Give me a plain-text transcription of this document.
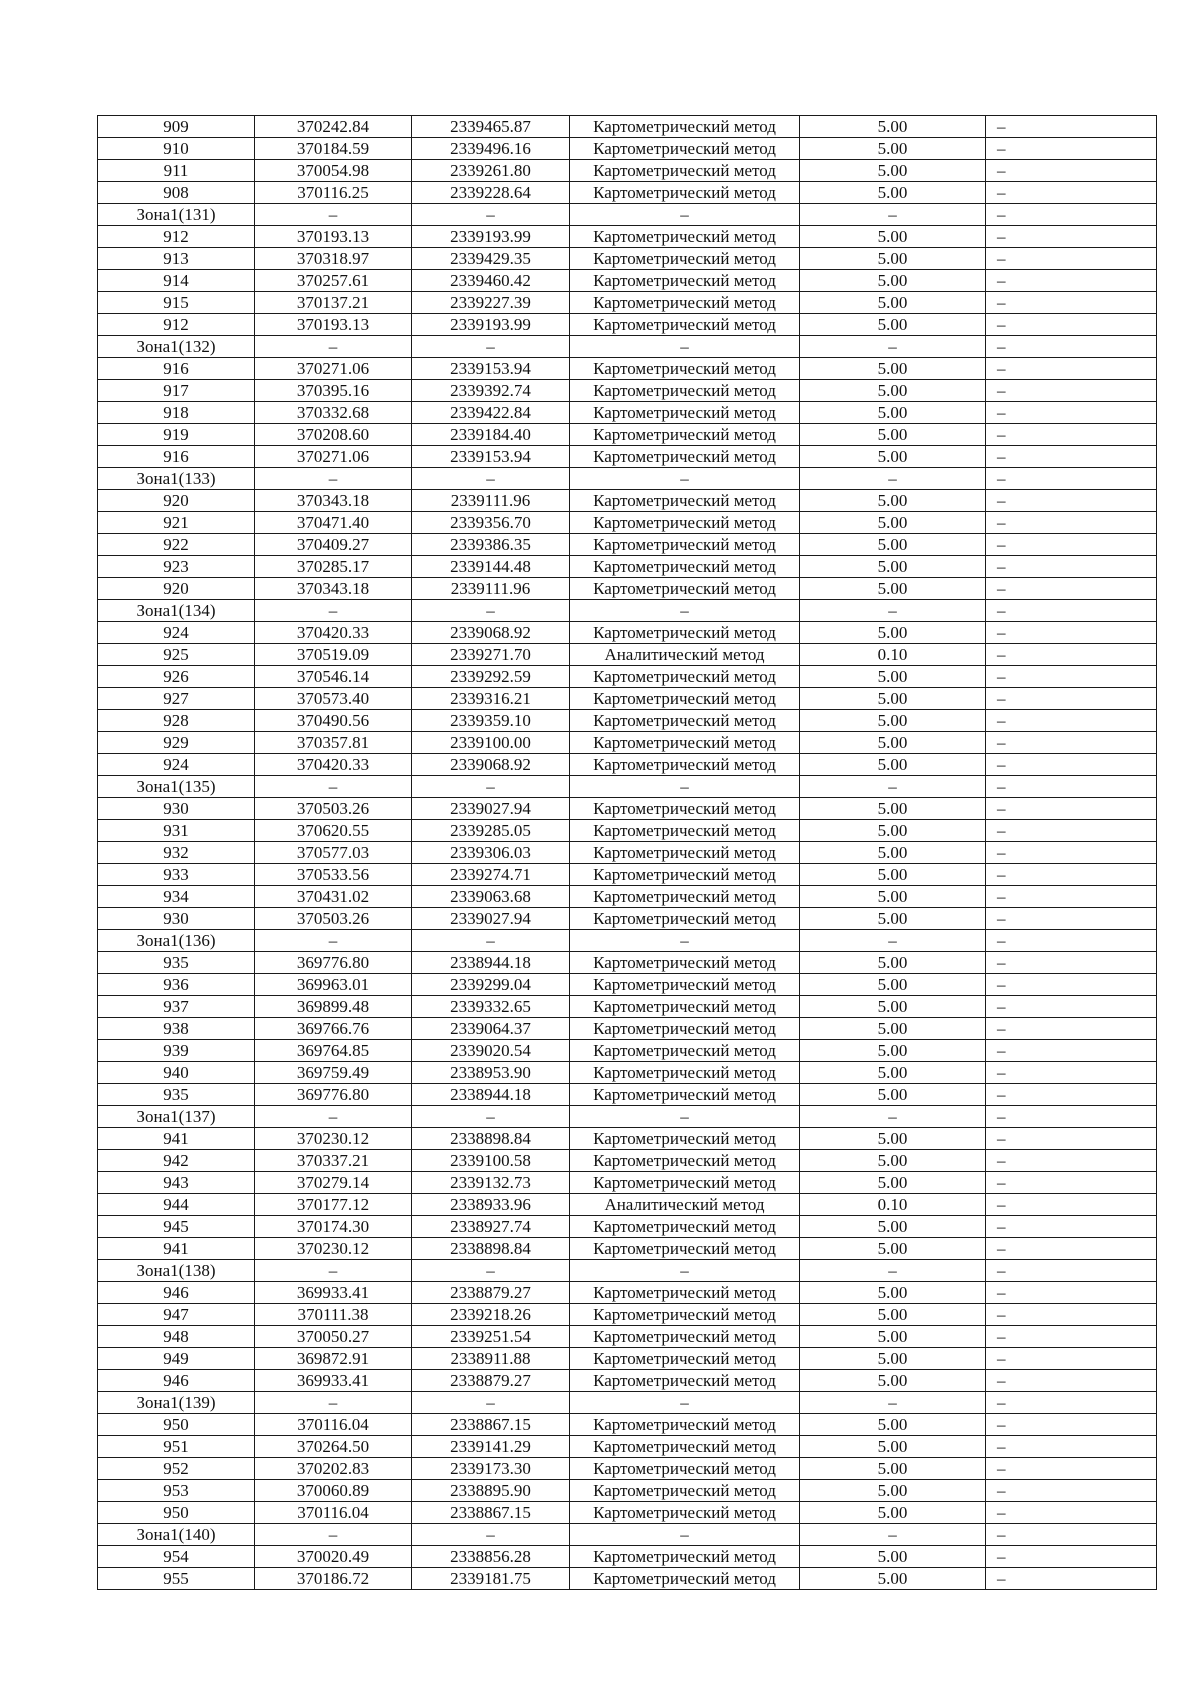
909	370242.84	2339465.87	Картометрический метод	5.00	–
910	370184.59	2339496.16	Картометрический метод	5.00	–
911	370054.98	2339261.80	Картометрический метод	5.00	–
908	370116.25	2339228.64	Картометрический метод	5.00	–
Зона1(131)	–	–	–	–	–
912	370193.13	2339193.99	Картометрический метод	5.00	–
913	370318.97	2339429.35	Картометрический метод	5.00	–
914	370257.61	2339460.42	Картометрический метод	5.00	–
915	370137.21	2339227.39	Картометрический метод	5.00	–
912	370193.13	2339193.99	Картометрический метод	5.00	–
Зона1(132)	–	–	–	–	–
916	370271.06	2339153.94	Картометрический метод	5.00	–
917	370395.16	2339392.74	Картометрический метод	5.00	–
918	370332.68	2339422.84	Картометрический метод	5.00	–
919	370208.60	2339184.40	Картометрический метод	5.00	–
916	370271.06	2339153.94	Картометрический метод	5.00	–
Зона1(133)	–	–	–	–	–
920	370343.18	2339111.96	Картометрический метод	5.00	–
921	370471.40	2339356.70	Картометрический метод	5.00	–
922	370409.27	2339386.35	Картометрический метод	5.00	–
923	370285.17	2339144.48	Картометрический метод	5.00	–
920	370343.18	2339111.96	Картометрический метод	5.00	–
Зона1(134)	–	–	–	–	–
924	370420.33	2339068.92	Картометрический метод	5.00	–
925	370519.09	2339271.70	Аналитический метод	0.10	–
926	370546.14	2339292.59	Картометрический метод	5.00	–
927	370573.40	2339316.21	Картометрический метод	5.00	–
928	370490.56	2339359.10	Картометрический метод	5.00	–
929	370357.81	2339100.00	Картометрический метод	5.00	–
924	370420.33	2339068.92	Картометрический метод	5.00	–
Зона1(135)	–	–	–	–	–
930	370503.26	2339027.94	Картометрический метод	5.00	–
931	370620.55	2339285.05	Картометрический метод	5.00	–
932	370577.03	2339306.03	Картометрический метод	5.00	–
933	370533.56	2339274.71	Картометрический метод	5.00	–
934	370431.02	2339063.68	Картометрический метод	5.00	–
930	370503.26	2339027.94	Картометрический метод	5.00	–
Зона1(136)	–	–	–	–	–
935	369776.80	2338944.18	Картометрический метод	5.00	–
936	369963.01	2339299.04	Картометрический метод	5.00	–
937	369899.48	2339332.65	Картометрический метод	5.00	–
938	369766.76	2339064.37	Картометрический метод	5.00	–
939	369764.85	2339020.54	Картометрический метод	5.00	–
940	369759.49	2338953.90	Картометрический метод	5.00	–
935	369776.80	2338944.18	Картометрический метод	5.00	–
Зона1(137)	–	–	–	–	–
941	370230.12	2338898.84	Картометрический метод	5.00	–
942	370337.21	2339100.58	Картометрический метод	5.00	–
943	370279.14	2339132.73	Картометрический метод	5.00	–
944	370177.12	2338933.96	Аналитический метод	0.10	–
945	370174.30	2338927.74	Картометрический метод	5.00	–
941	370230.12	2338898.84	Картометрический метод	5.00	–
Зона1(138)	–	–	–	–	–
946	369933.41	2338879.27	Картометрический метод	5.00	–
947	370111.38	2339218.26	Картометрический метод	5.00	–
948	370050.27	2339251.54	Картометрический метод	5.00	–
949	369872.91	2338911.88	Картометрический метод	5.00	–
946	369933.41	2338879.27	Картометрический метод	5.00	–
Зона1(139)	–	–	–	–	–
950	370116.04	2338867.15	Картометрический метод	5.00	–
951	370264.50	2339141.29	Картометрический метод	5.00	–
952	370202.83	2339173.30	Картометрический метод	5.00	–
953	370060.89	2338895.90	Картометрический метод	5.00	–
950	370116.04	2338867.15	Картометрический метод	5.00	–
Зона1(140)	–	–	–	–	–
954	370020.49	2338856.28	Картометрический метод	5.00	–
955	370186.72	2339181.75	Картометрический метод	5.00	–
